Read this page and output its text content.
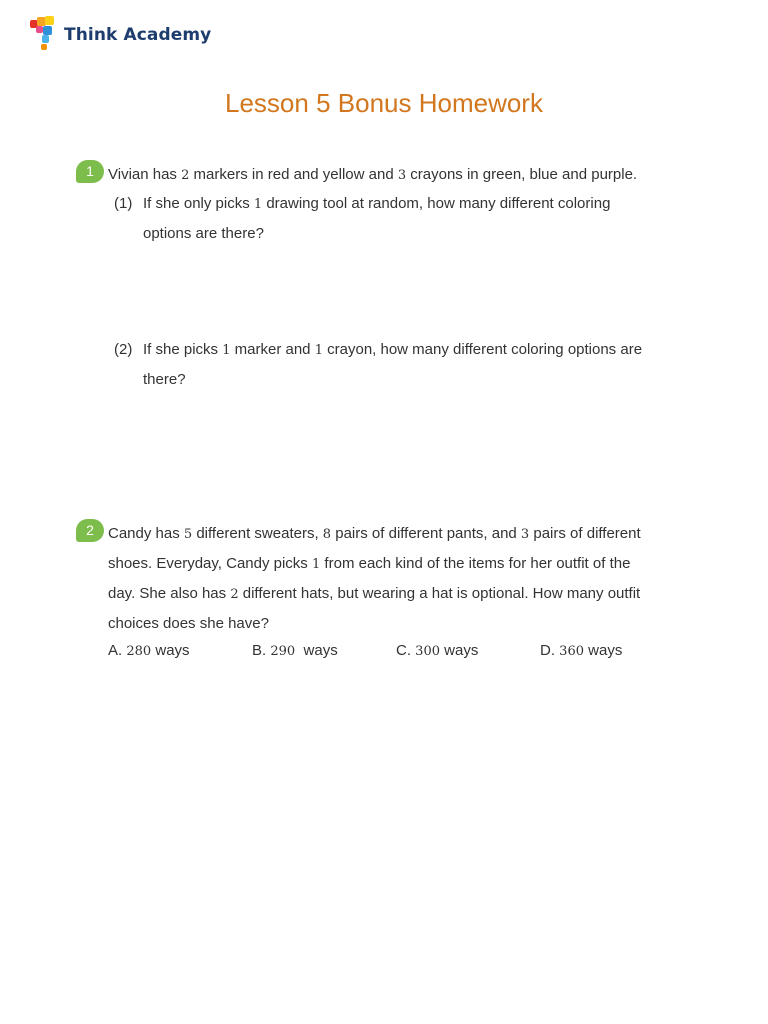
Think Academy
Lesson 5 Bonus Homework
1 Vivian has 2 markers in red and yellow and 3 crayons in green, blue and purple.
(1) If she only picks 1 drawing tool at random, how many different coloring
options are there?
(2) If she picks 1 marker and 1 crayon, how many different coloring options are
there?
2 Candy has 5 different sweaters, 8 pairs of different pants, and 3 pairs of different
shoes. Everyday, Candy picks 1 from each kind of the items for her outfit of the
day. She also has 2 different hats, but wearing a hat is optional. How many outfit
choices does she have?
A. 280 ways	B. 290 ways	C. 300 ways	D. 360 ways
